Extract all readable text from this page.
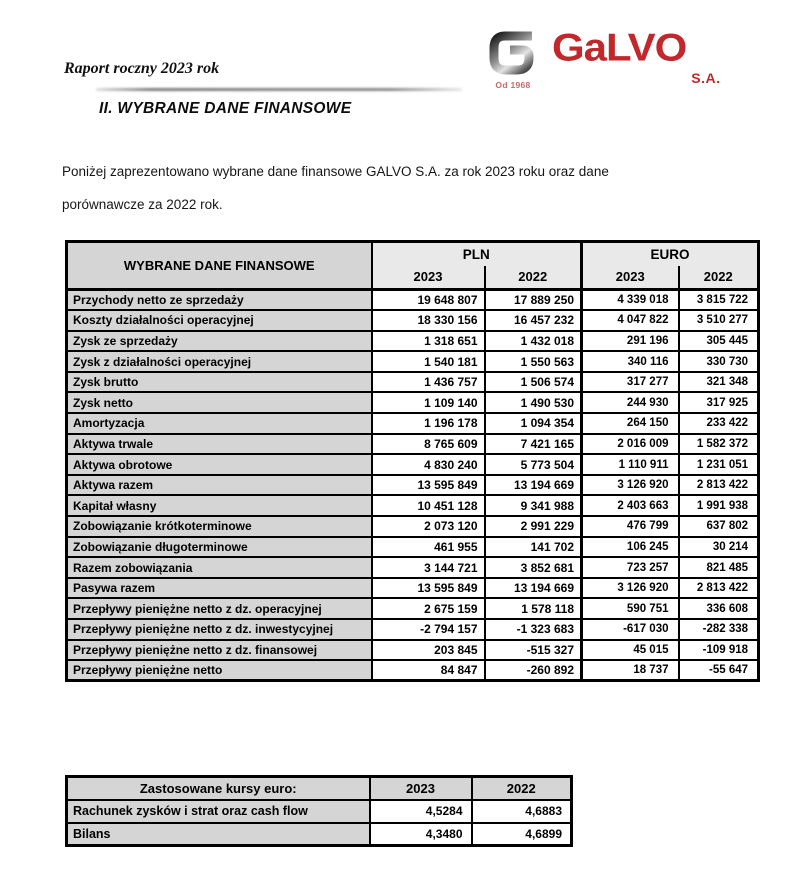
Raport roczny 2023 rok
Od 1968
GaLVO
S.A.
II. WYBRANE DANE FINANSOWE
Poniżej zaprezentowano wybrane dane finansowe GALVO S.A. za rok 2023 roku oraz dane
porównawcze za 2022 rok.
WYBRANE DANE FINANSOWE	PLN		EURO	
	2023	2022	2023	2022
Przychody netto ze sprzedaży	19 648 807	17 889 250	4 339 018	3 815 722
Koszty działalności operacyjnej	18 330 156	16 457 232	4 047 822	3 510 277
Zysk ze sprzedaży	1 318 651	1 432 018	291 196	305 445
Zysk z działalności operacyjnej	1 540 181	1 550 563	340 116	330 730
Zysk brutto	1 436 757	1 506 574	317 277	321 348
Zysk netto	1 109 140	1 490 530	244 930	317 925
Amortyzacja	1 196 178	1 094 354	264 150	233 422
Aktywa trwale	8 765 609	7 421 165	2 016 009	1 582 372
Aktywa obrotowe	4 830 240	5 773 504	1 110 911	1 231 051
Aktywa razem	13 595 849	13 194 669	3 126 920	2 813 422
Kapitał własny	10 451 128	9 341 988	2 403 663	1 991 938
Zobowiązanie krótkoterminowe	2 073 120	2 991 229	476 799	637 802
Zobowiązanie długoterminowe	461 955	141 702	106 245	30 214
Razem zobowiązania	3 144 721	3 852 681	723 257	821 485
Pasywa razem	13 595 849	13 194 669	3 126 920	2 813 422
Przepływy pieniężne netto z dz. operacyjnej	2 675 159	1 578 118	590 751	336 608
Przepływy pieniężne netto z dz. inwestycyjnej	-2 794 157	-1 323 683	-617 030	-282 338
Przepływy pieniężne netto z dz. finansowej	203 845	-515 327	45 015	-109 918
Przepływy pieniężne netto	84 847	-260 892	18 737	-55 647
Zastosowane kursy euro:	2023	2022
Rachunek zysków i strat oraz cash flow	4,5284	4,6883
Bilans	4,3480	4,6899
